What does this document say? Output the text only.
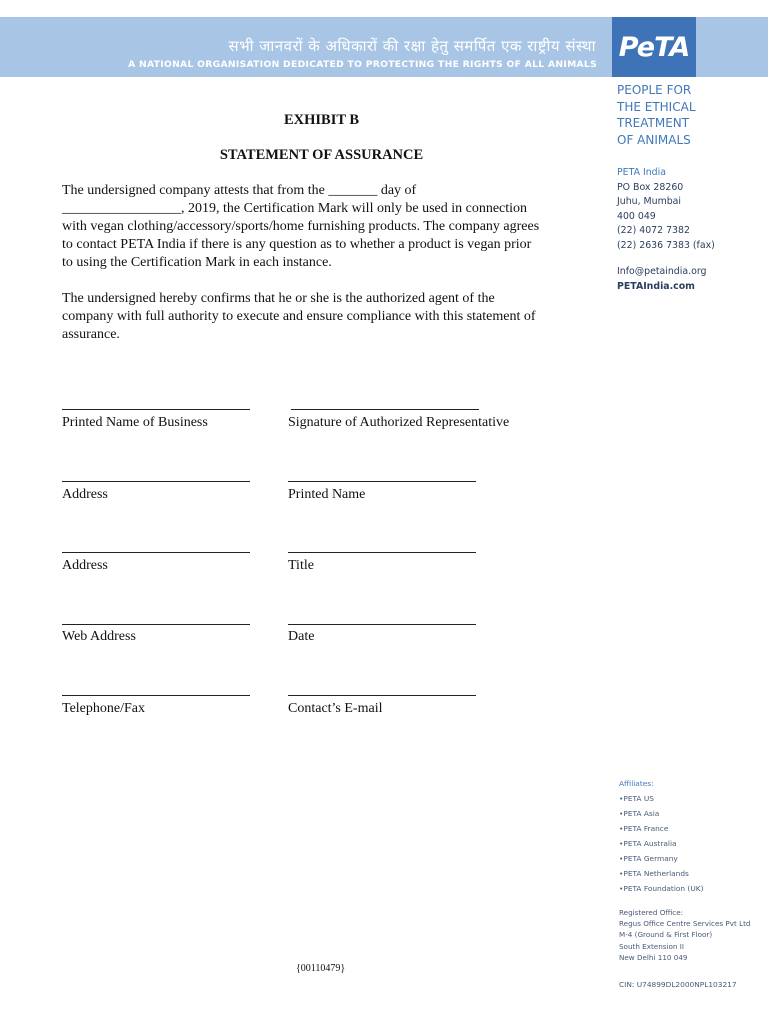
सभी जानवरों के अधिकारों की रक्षा हेतु समर्पित एक राष्ट्रीय संस्था
A NATIONAL ORGANISATION DEDICATED TO PROTECTING THE RIGHTS OF ALL ANIMALS
PeTA
PEOPLE FOR
THE ETHICAL
TREATMENT
OF ANIMALS
PETA India
PO Box 28260
Juhu, Mumbai
400 049
(22) 4072 7382
(22) 2636 7383 (fax)
Info@petaindia.org
PETAIndia.com
Affiliates:
•PETA US
•PETA Asia
•PETA France
•PETA Australia
•PETA Germany
•PETA Netherlands
•PETA Foundation (UK)
Registered Office:
Regus Office Centre Services Pvt Ltd
M-4 (Ground & First Floor)
South Extension II
New Delhi 110 049
CIN: U74899DL2000NPL103217
EXHIBIT B
STATEMENT OF ASSURANCE
The undersigned company attests that from the _______ day of
_________________, 2019, the Certification Mark will only be used in connection
with vegan clothing/accessory/sports/home furnishing products. The company agrees
to contact PETA India if there is any question as to whether a product is vegan prior
to using the Certification Mark in each instance.
The undersigned hereby confirms that he or she is the authorized agent of the
company with full authority to execute and ensure compliance with this statement of
assurance.
Printed Name of Business	Signature of Authorized Representative
Address	Printed Name
Address	Title
Web Address	Date
Telephone/Fax	Contact’s E-mail
{00110479}
